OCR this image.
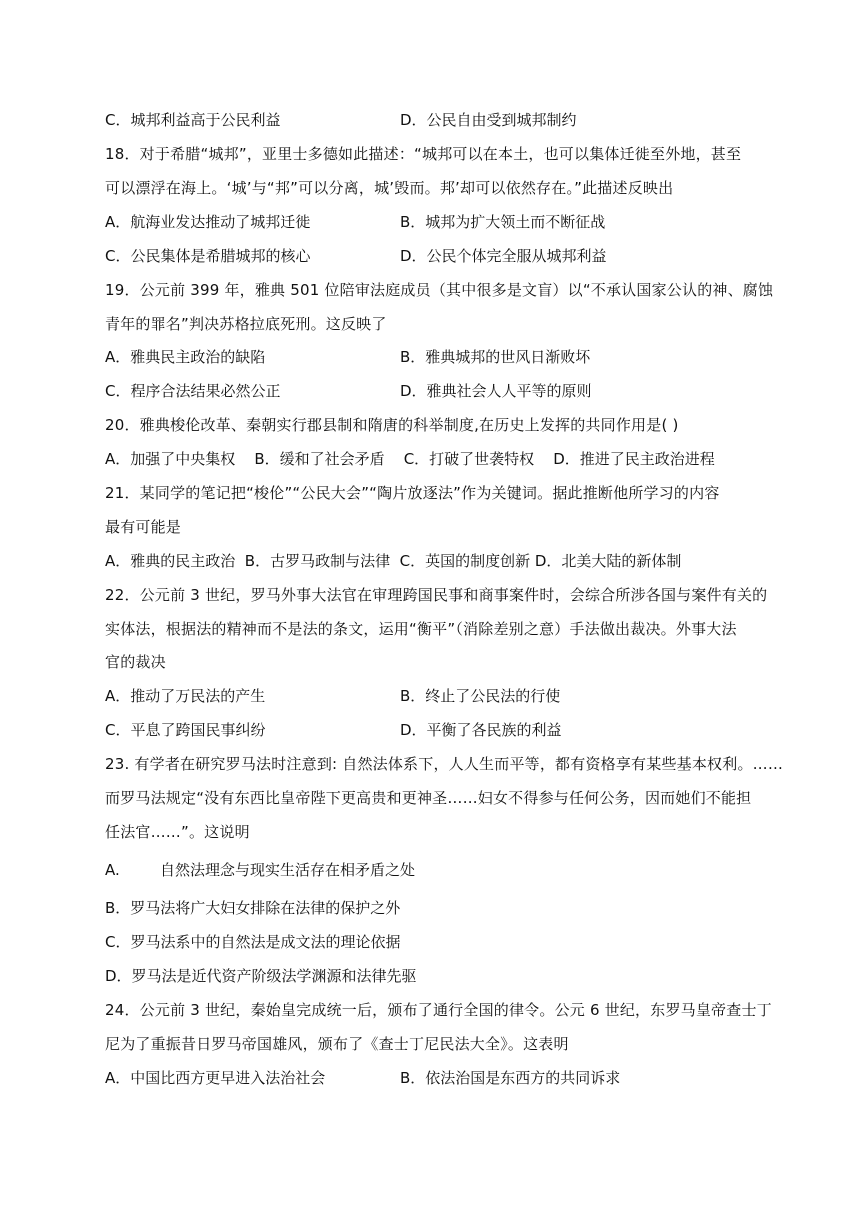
C．城邦利益高于公民利益	D．公民自由受到城邦制约
18．对于希腊“城邦”，亚里士多德如此描述：“城邦可以在本土，也可以集体迁徙至外地，甚至
可以漂浮在海上。‘城’与“邦”可以分离，城’毁而。邦’却可以依然存在。”此描述反映出
A．航海业发达推动了城邦迁徙	B．城邦为扩大领土而不断征战
C．公民集体是希腊城邦的核心	D．公民个体完全服从城邦利益
19．公元前 399 年，雅典 501 位陪审法庭成员（其中很多是文盲）以“不承认国家公认的神、腐蚀
青年的罪名”判决苏格拉底死刑。这反映了
A．雅典民主政治的缺陷	B．雅典城邦的世风日渐败坏
C．程序合法结果必然公正	D．雅典社会人人平等的原则
20．雅典梭伦改革、秦朝实行郡县制和隋唐的科举制度,在历史上发挥的共同作用是( )
A．加强了中央集权    B．缓和了社会矛盾    C．打破了世袭特权    D．推进了民主政治进程
21．某同学的笔记把“梭伦”“公民大会”“陶片放逐法”作为关键词。据此推断他所学习的内容
最有可能是
A．雅典的民主政治  B．古罗马政制与法律  C．英国的制度创新 D．北美大陆的新体制
22．公元前 3 世纪，罗马外事大法官在审理跨国民事和商事案件时，会综合所涉各国与案件有关的
实体法，根据法的精神而不是法的条文，运用“衡平”（消除差别之意）手法做出裁决。外事大法
官的裁决
A．推动了万民法的产生	B．终止了公民法的行使
C．平息了跨国民事纠纷	D．平衡了各民族的利益
23. 有学者在研究罗马法时注意到: 自然法体系下，人人生而平等，都有资格享有某些基本权利。……
而罗马法规定“没有东西比皇帝陛下更高贵和更神圣……妇女不得参与任何公务，因而她们不能担
任法官……”。这说明
A.	自然法理念与现实生活存在相矛盾之处
B．罗马法将广大妇女排除在法律的保护之外
C．罗马法系中的自然法是成文法的理论依据
D．罗马法是近代资产阶级法学渊源和法律先驱
24．公元前 3 世纪，秦始皇完成统一后，颁布了通行全国的律令。公元 6 世纪，东罗马皇帝查士丁
尼为了重振昔日罗马帝国雄风，颁布了《查士丁尼民法大全》。这表明
A．中国比西方更早进入法治社会	B．依法治国是东西方的共同诉求
